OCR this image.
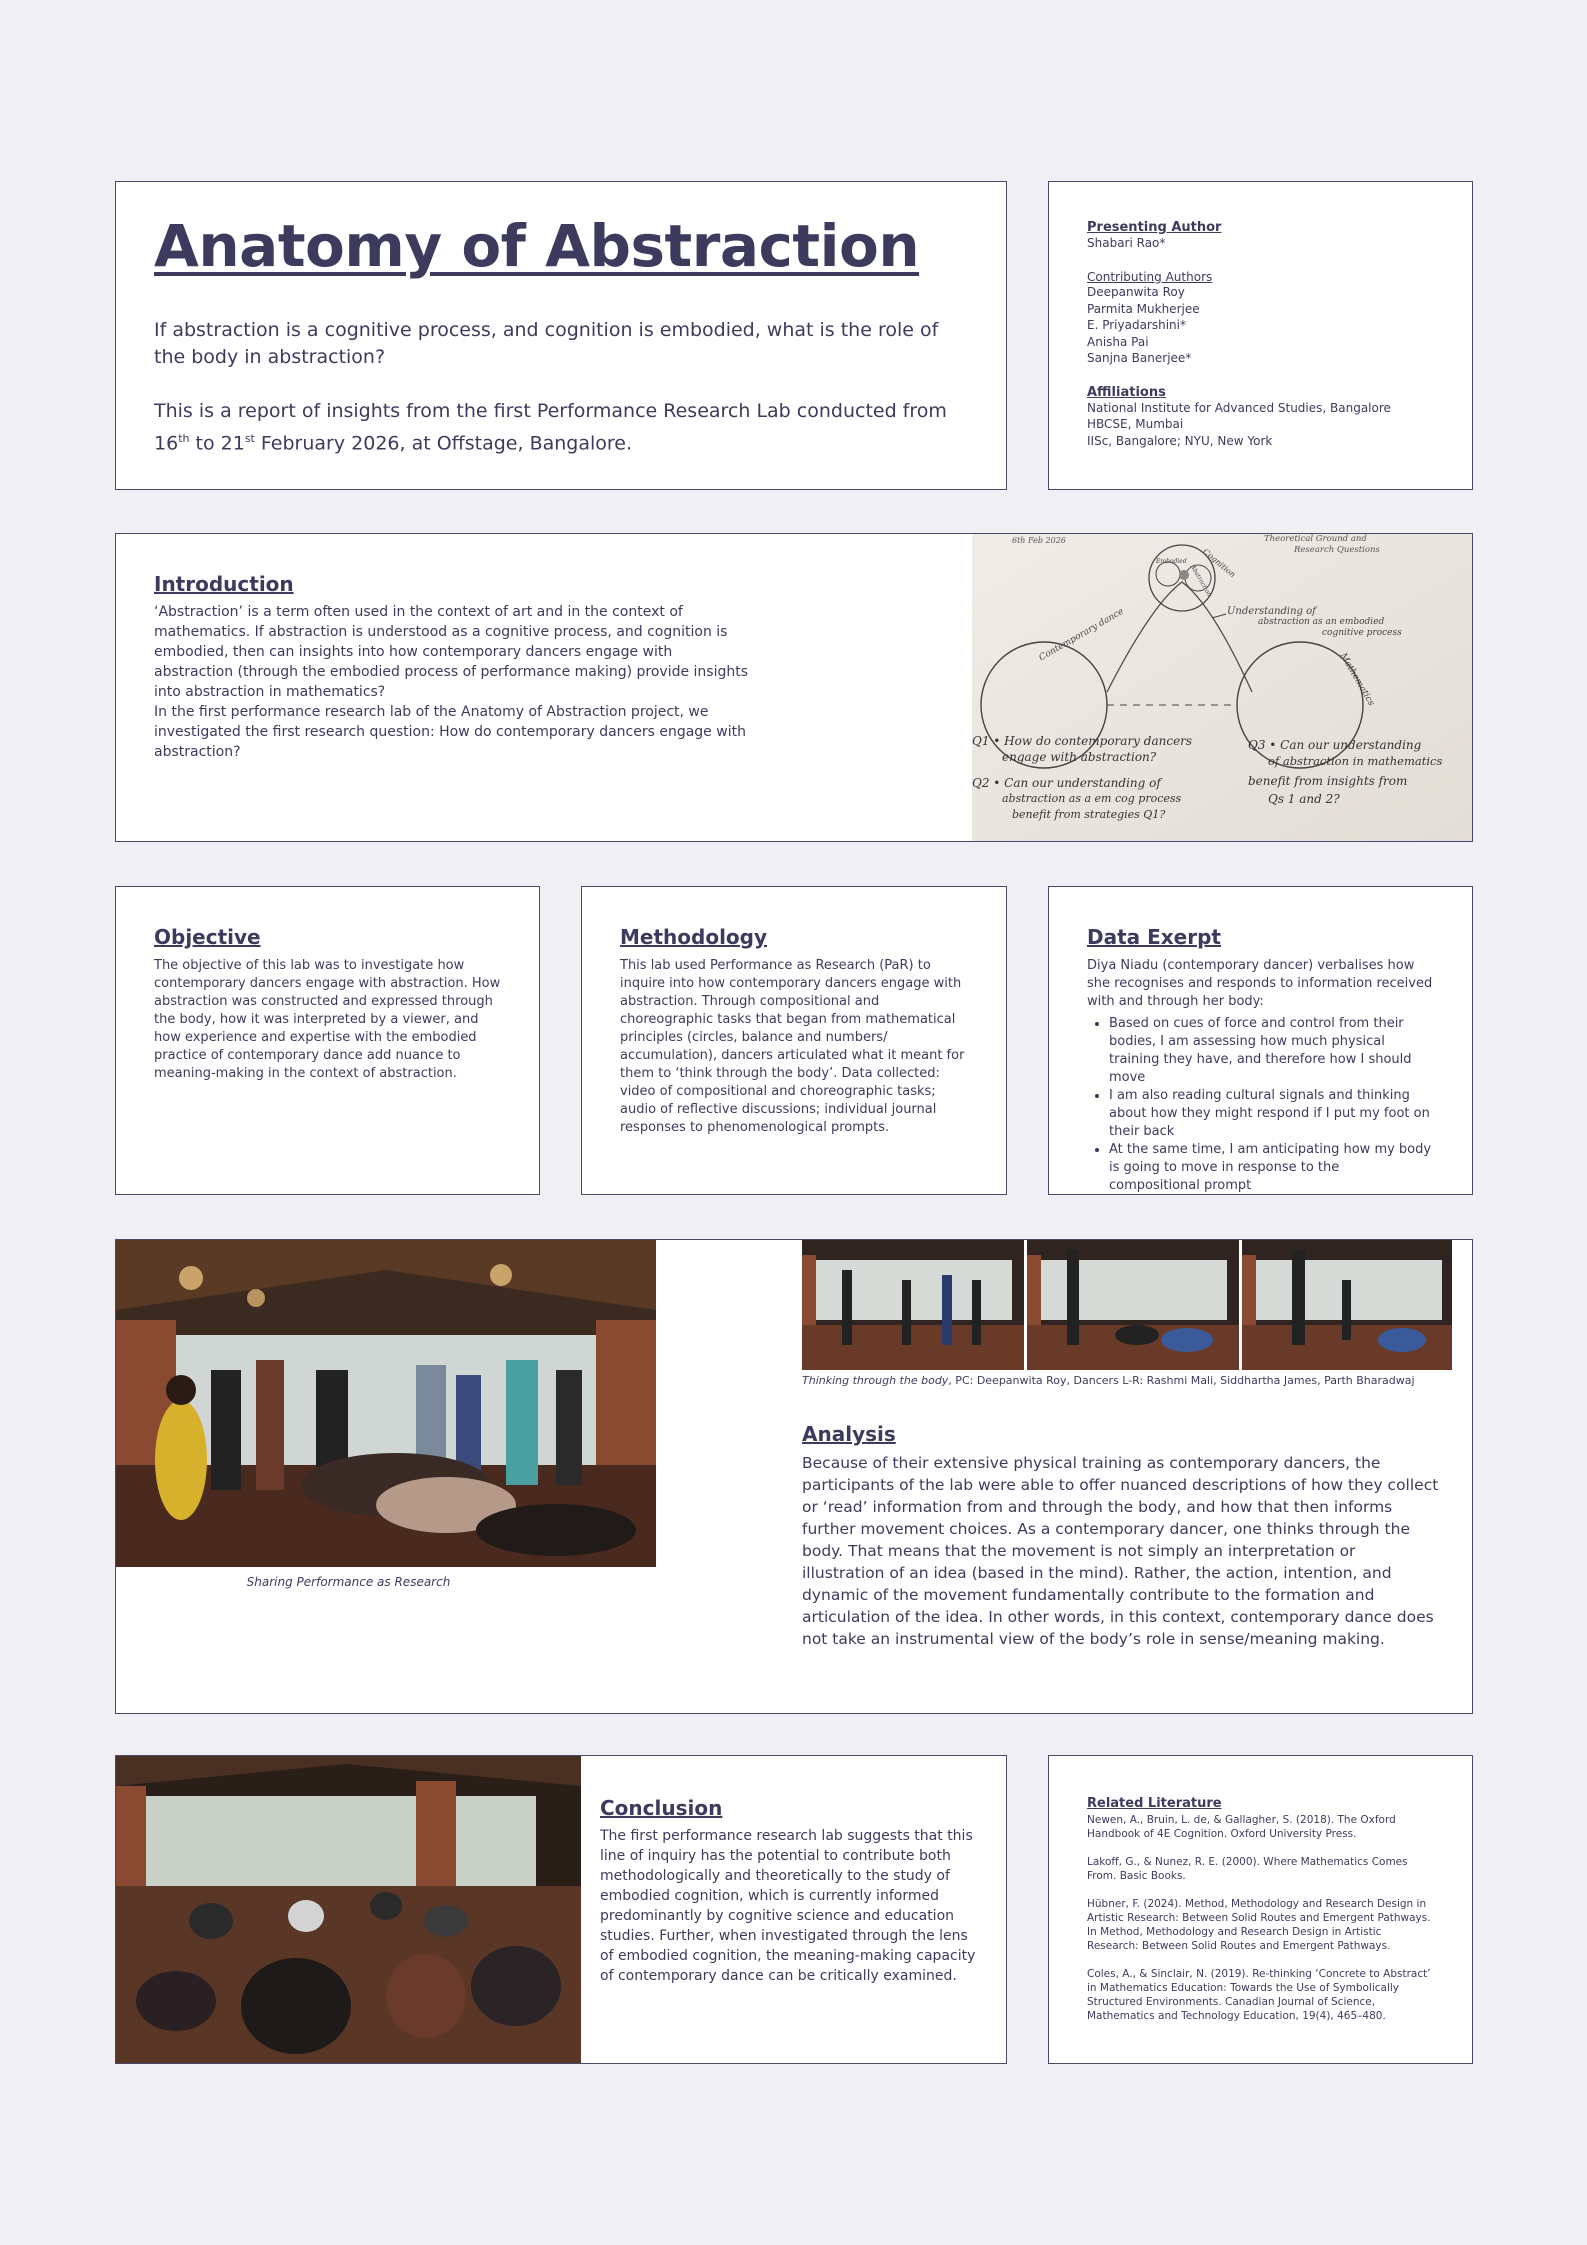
Anatomy of Abstraction
If abstraction is a cognitive process, and cognition is embodied, what is the role of the body in abstraction?
This is a report of insights from the first Performance Research Lab conducted from 16th to 21st February 2026, at Offstage, Bangalore.
Presenting Author
Shabari Rao*
Contributing Authors
Deepanwita Roy
Parmita Mukherjee
E. Priyadarshini*
Anisha Pai
Sanjna Banerjee*
Affiliations
National Institute for Advanced Studies, Bangalore
HBCSE, Mumbai
IISc, Bangalore; NYU, New York
Introduction
‘Abstraction’ is a term often used in the context of art and in the context of mathematics. If abstraction is understood as a cognitive process, and cognition is embodied, then can insights into how contemporary dancers engage with abstraction (through the embodied process of performance making) provide insights into abstraction in mathematics?
In the first performance research lab of the Anatomy of Abstraction project, we investigated the first research question: How do contemporary dancers engage with abstraction?
6th Feb 2026	Theoretical Ground and
Research Questions
Cognition
Embodied
Abstraction
Understanding of
abstraction as an embodied
cognitive process
Contemporary dance
Mathematics
Q1 • How do contemporary dancers
engage with abstraction?
Q2 • Can our understanding of
abstraction as a em cog process
benefit from strategies Q1?
Q3 • Can our understanding
of abstraction in mathematics
benefit from insights from
Qs 1 and 2?
Objective
The objective of this lab was to investigate how contemporary dancers engage with abstraction. How abstraction was constructed and expressed through the body, how it was interpreted by a viewer, and how experience and expertise with the embodied practice of contemporary dance add nuance to meaning-making in the context of abstraction.
Methodology
This lab used Performance as Research (PaR) to inquire into how contemporary dancers engage with abstraction. Through compositional and choreographic tasks that began from mathematical principles (circles, balance and numbers/ accumulation), dancers articulated what it meant for them to ‘think through the body’. Data collected: video of compositional and choreographic tasks; audio of reflective discussions; individual journal responses to phenomenological prompts.
Data Exerpt
Diya Niadu (contemporary dancer) verbalises how she recognises and responds to information received with and through her body:
• Based on cues of force and control from their bodies, I am assessing how much physical training they have, and therefore how I should move
• I am also reading cultural signals and thinking about how they might respond if I put my foot on their back
• At the same time, I am anticipating how my body is going to move in response to the compositional prompt
Sharing Performance as Research
Thinking through the body, PC: Deepanwita Roy, Dancers L-R: Rashmi Mali, Siddhartha James, Parth Bharadwaj
Analysis
Because of their extensive physical training as contemporary dancers, the participants of the lab were able to offer nuanced descriptions of how they collect or ‘read’ information from and through the body, and how that then informs further movement choices. As a contemporary dancer, one thinks through the body. That means that the movement is not simply an interpretation or illustration of an idea (based in the mind). Rather, the action, intention, and dynamic of the movement fundamentally contribute to the formation and articulation of the idea. In other words, in this context, contemporary dance does not take an instrumental view of the body’s role in sense/meaning making.
Conclusion
The first performance research lab suggests that this line of inquiry has the potential to contribute both methodologically and theoretically to the study of embodied cognition, which is currently informed predominantly by cognitive science and education studies. Further, when investigated through the lens of embodied cognition, the meaning-making capacity of contemporary dance can be critically examined.
Related Literature
Newen, A., Bruin, L. de, & Gallagher, S. (2018). The Oxford Handbook of 4E Cognition. Oxford University Press.
Lakoff, G., & Nunez, R. E. (2000). Where Mathematics Comes From. Basic Books.
Hübner, F. (2024). Method, Methodology and Research Design in Artistic Research: Between Solid Routes and Emergent Pathways. In Method, Methodology and Research Design in Artistic Research: Between Solid Routes and Emergent Pathways.
Coles, A., & Sinclair, N. (2019). Re-thinking ‘Concrete to Abstract’ in Mathematics Education: Towards the Use of Symbolically Structured Environments. Canadian Journal of Science, Mathematics and Technology Education, 19(4), 465–480.
